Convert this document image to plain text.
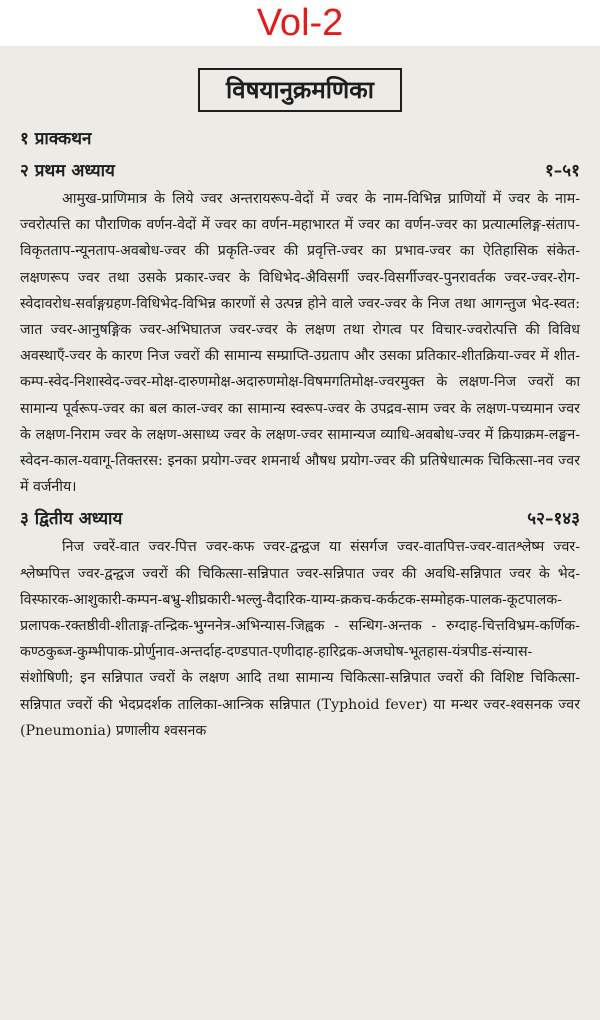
Vol-2
विषयानुक्रमणिका
१ प्राक्कथन
२ प्रथम अध्याय	१–५१

आमुख-प्राणिमात्र के लिये ज्वर अन्तरायरूप-वेदों में ज्वर के नाम-विभिन्न प्राणियों में ज्वर के नाम-ज्वरोत्पत्ति का पौराणिक वर्णन-वेदों में ज्वर का वर्णन-महाभारत में ज्वर का वर्णन-ज्वर का प्रत्यात्मलिङ्ग-संताप-विकृतताप-न्यूनताप-अवबोध-ज्वर की प्रकृति-ज्वर की प्रवृत्ति-ज्वर का प्रभाव-ज्वर का ऐतिहासिक संकेत-लक्षणरूप ज्वर तथा उसके प्रकार-ज्वर के विधिभेद-अैविसर्गी ज्वर-विसर्गीज्वर-पुनरावर्तक ज्वर-ज्वर-रोग-स्वेदावरोध-सर्वाङ्गग्रहण-विधिभेद-विभिन्न कारणों से उत्पन्न होने वाले ज्वर-ज्वर के निज तथा आगन्तुज भेद-स्वत: जात ज्वर-आनुषङ्गिक ज्वर-अभिघातज ज्वर-ज्वर के लक्षण तथा रोगत्व पर विचार-ज्वरोत्पत्ति की विविध अवस्थाएँ-ज्वर के कारण निज ज्वरों की सामान्य सम्प्राप्ति-उग्रताप और उसका प्रतिकार-शीतक्रिया-ज्वर में शीत-कम्प-स्वेद-निशास्वेद-ज्वर-मोक्ष-दारुणमोक्ष-अदारुणमोक्ष-विषमगतिमोक्ष-ज्वरमुक्त के लक्षण-निज ज्वरों का सामान्य पूर्वरूप-ज्वर का बल काल-ज्वर का सामान्य स्वरूप-ज्वर के उपद्रव-साम ज्वर के लक्षण-पच्यमान ज्वर के लक्षण-निराम ज्वर के लक्षण-असाध्य ज्वर के लक्षण-ज्वर सामान्यज व्याधि-अवबोध-ज्वर में क्रियाक्रम-लङ्घन-स्वेदन-काल-यवागू-तिक्तरस: इनका प्रयोग-ज्वर शमनार्थ औषध प्रयोग-ज्वर की प्रतिषेधात्मक चिकित्सा-नव ज्वर में वर्जनीय।

३ द्वितीय अध्याय	५२–१४३

निज ज्वरें-वात ज्वर-पित्त ज्वर-कफ ज्वर-द्वन्द्वज या संसर्गज ज्वर-वातपित्त-ज्वर-वातश्लेष्म ज्वर-श्लेष्मपित्त ज्वर-द्वन्द्वज ज्वरों की चिकित्सा-सन्निपात ज्वर-सन्निपात ज्वर की अवधि-सन्निपात ज्वर के भेद-विस्फारक-आशुकारी-कम्पन-बभ्रु-शीघ्रकारी-भल्लु-वैदारिक-याम्य-क्रकच-कर्कटक-सम्मोहक-पालक-कूटपालक-प्रलापक-रक्तष्ठीवी-शीताङ्ग-तन्द्रिक-भुग्ननेत्र-अभिन्यास-जिह्वक - सन्धिग-अन्तक - रुग्दाह-चित्तविभ्रम-कर्णिक-कण्ठकुब्ज-कुम्भीपाक-प्रोर्णुनाव-अन्तर्दाह-दण्डपात-एणीदाह-हारिद्रक-अजघोष-भूतहास-यंत्रपीड-संन्यास-संशोषिणी; इन सन्निपात ज्वरों के लक्षण आदि तथा सामान्य चिकित्सा-सन्निपात ज्वरों की विशिष्ट चिकित्सा-सन्निपात ज्वरों की भेदप्रदर्शक तालिका-आन्त्रिक सन्निपात (Typhoid fever) या मन्थर ज्वर-श्वसनक ज्वर (Pneumonia) प्रणालीय श्वसनक
